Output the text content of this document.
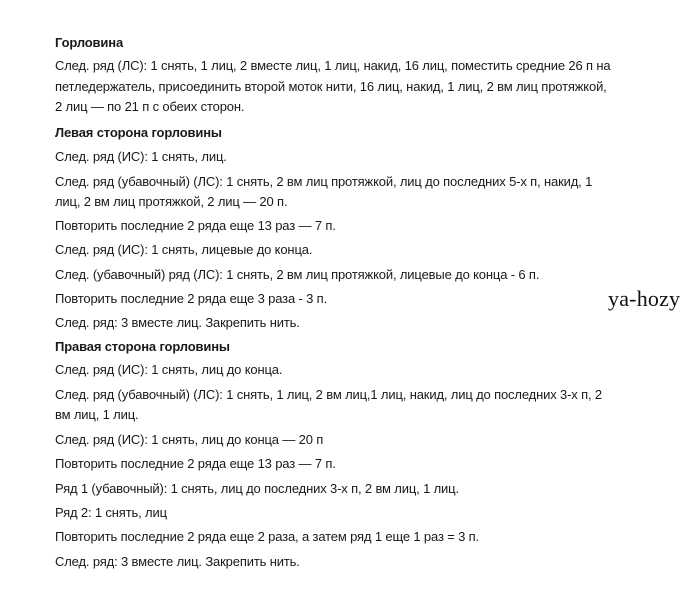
Горловина
След. ряд (ЛС): 1 снять, 1 лиц, 2 вместе лиц, 1 лиц, накид, 16 лиц, поместить средние 26 п на
петледержатель, присоединить второй моток нити, 16 лиц, накид, 1 лиц, 2 вм лиц протяжкой,
2 лиц — по 21 п с обеих сторон.
Левая сторона горловины
След. ряд (ИС): 1 снять, лиц.
След. ряд (убавочный) (ЛС): 1 снять, 2 вм лиц протяжкой, лиц до последних 5-х п, накид, 1
лиц, 2 вм лиц протяжкой, 2 лиц — 20 п.
Повторить последние 2 ряда еще 13 раз — 7 п.
След. ряд (ИС): 1 снять, лицевые до конца.
След. (убавочный) ряд (ЛС): 1 снять, 2 вм лиц протяжкой, лицевые до конца - 6 п.
Повторить последние 2 ряда еще 3 раза - 3 п.
След. ряд: 3 вместе лиц. Закрепить нить.
Правая сторона горловины
След. ряд (ИС): 1 снять, лиц до конца.
След. ряд (убавочный) (ЛС): 1 снять, 1 лиц, 2 вм лиц,1 лиц, накид, лиц до последних 3-х п, 2
вм лиц, 1 лиц.
След. ряд (ИС): 1 снять, лиц до конца — 20 п
Повторить последние 2 ряда еще 13 раз — 7 п.
Ряд 1 (убавочный): 1 снять, лиц до последних 3-х п, 2 вм лиц, 1 лиц.
Ряд 2: 1 снять, лиц
Повторить последние 2 ряда еще 2 раза, а затем ряд 1 еще 1 раз = 3 п.
След. ряд: 3 вместе лиц. Закрепить нить.
ya-hozy
